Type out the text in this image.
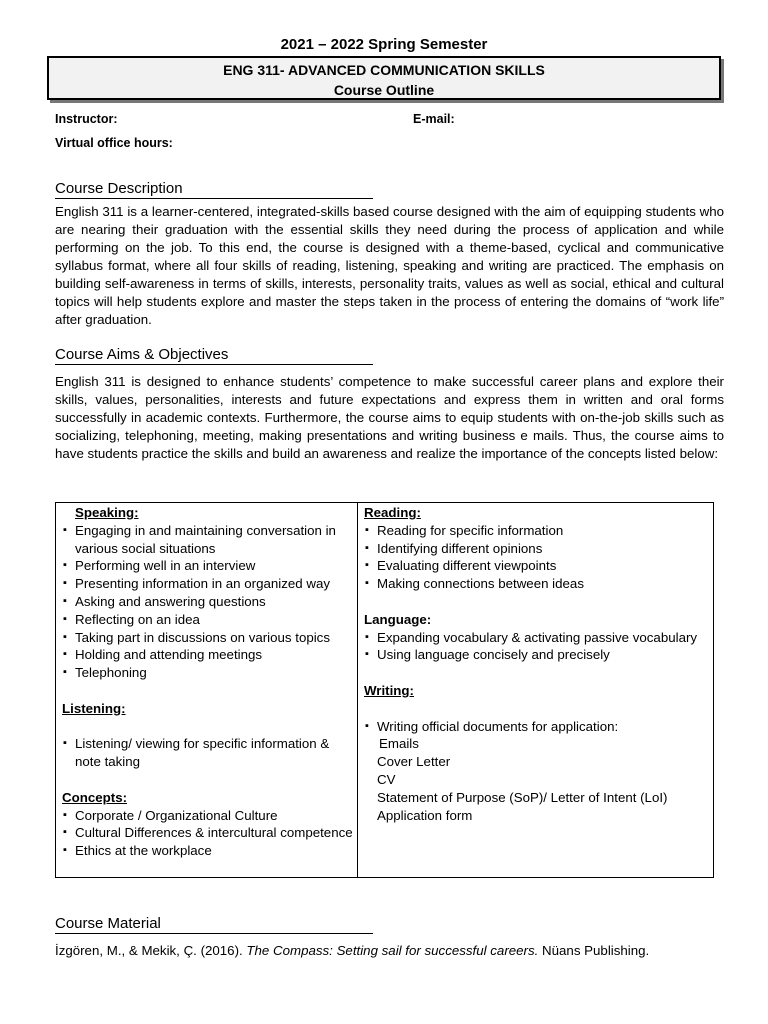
2021 – 2022 Spring Semester
ENG 311- ADVANCED COMMUNICATION SKILLS
Course Outline
Instructor:	E-mail:
Virtual office hours:
Course Description

English 311 is a learner-centered, integrated-skills based course designed with the aim of equipping students who are nearing their graduation with the essential skills they need during the process of application and while performing on the job. To this end, the course is designed with a theme-based, cyclical and communicative syllabus format, where all four skills of reading, listening, speaking and writing are practiced. The emphasis on building self-awareness in terms of skills, interests, personality traits, values as well as social, ethical and cultural topics will help students explore and master the steps taken in the process of entering the domains of “work life” after graduation.

Course Aims & Objectives

English 311 is designed to enhance students’ competence to make successful career plans and explore their skills, values, personalities, interests and future expectations and express them in written and oral forms successfully in academic contexts. Furthermore, the course aims to equip students with on-the-job skills such as socializing, telephoning, meeting, making presentations and writing business e mails. Thus, the course aims to have students practice the skills and build an awareness and realize the importance of the concepts listed below:

Speaking:

▪ Engaging in and maintaining conversation in various social situations
▪ Performing well in an interview
▪ Presenting information in an organized way
▪ Asking and answering questions
▪ Reflecting on an idea
▪ Taking part in discussions on various topics
▪ Holding and attending meetings
▪ Telephoning

Listening:

▪ Listening/ viewing for specific information & note taking

Concepts:

▪ Corporate / Organizational Culture
▪ Cultural Differences & intercultural competence
▪ Ethics at the workplace

Reading:

▪ Reading for specific information
▪ Identifying different opinions
▪ Evaluating different viewpoints
▪ Making connections between ideas

Language:

▪ Expanding vocabulary & activating passive vocabulary
▪ Using language concisely and precisely

Writing:

▪ Writing official documents for application:
Emails
Cover Letter
CV
Statement of Purpose (SoP)/ Letter of Intent (LoI)
Application form
Course Material
İzgören, M., & Mekik, Ç. (2016). The Compass: Setting sail for successful careers. Nüans Publishing.
